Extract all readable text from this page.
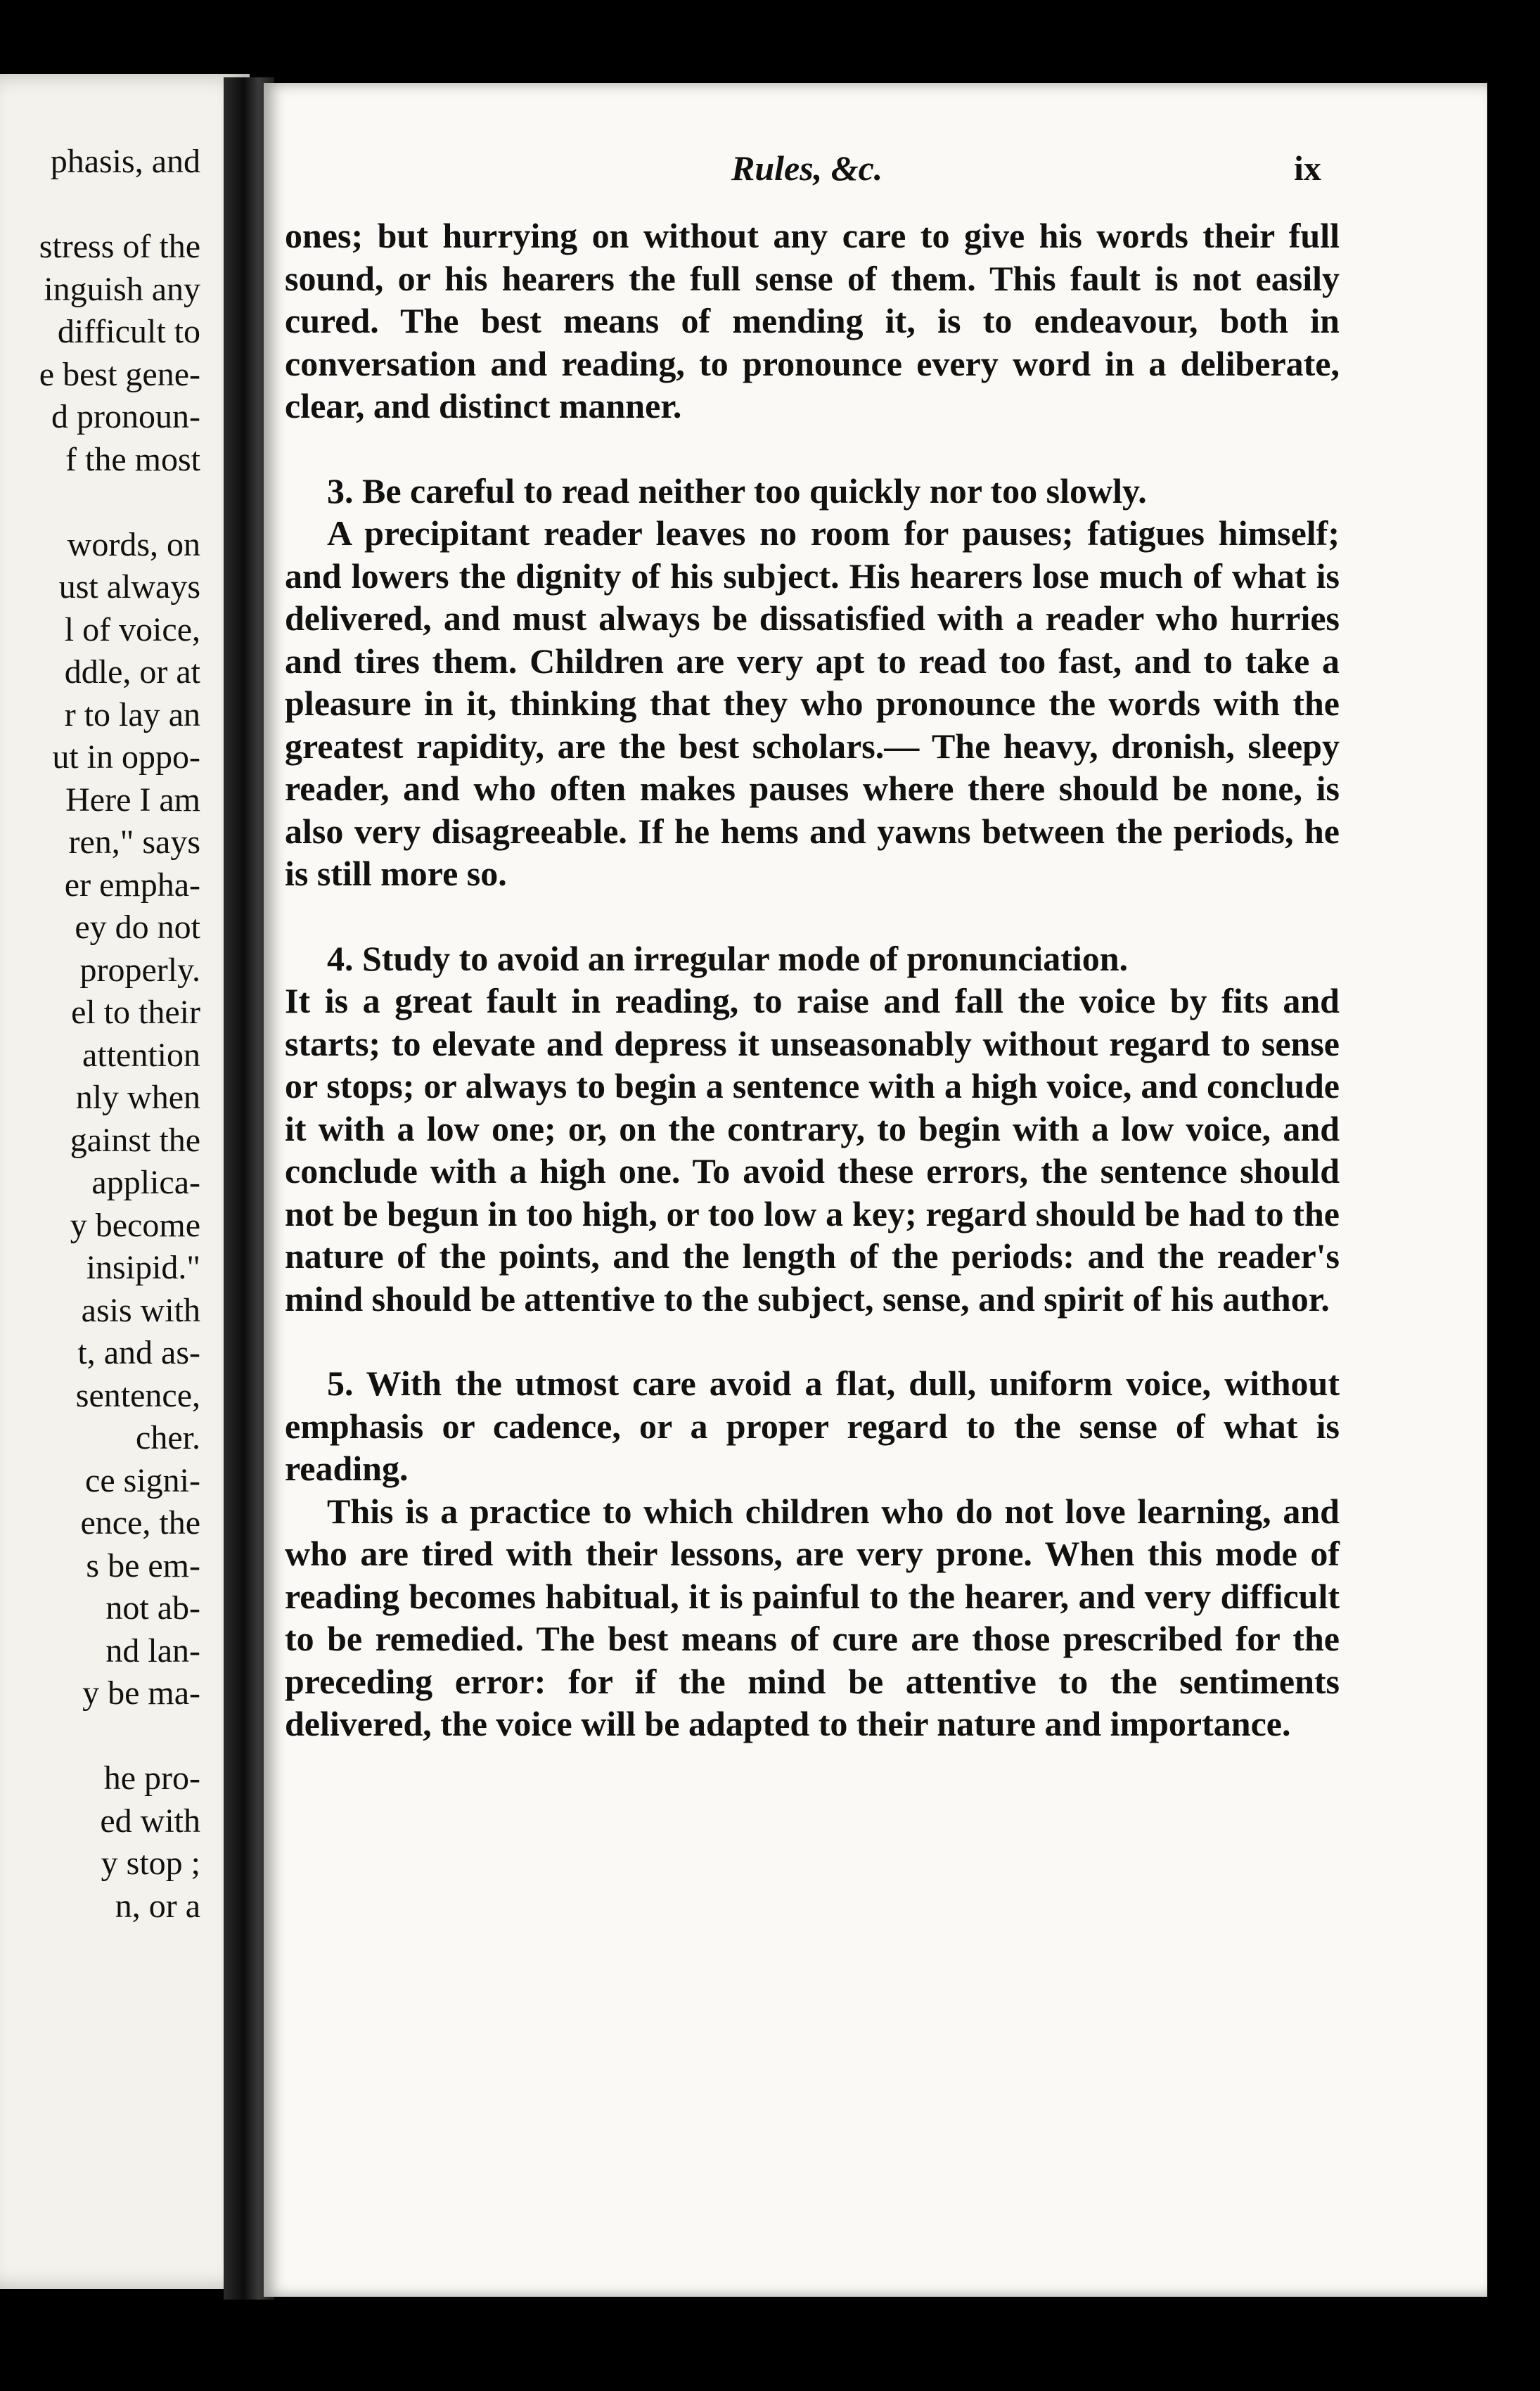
phasis, and
stress of the
inguish any
difficult to
e best gene-
d pronoun-
f the most
words, on
ust always
l of voice,
ddle, or at
r to lay an
ut in oppo-
Here I am
ren," says
er empha-
ey do not
properly.
el to their
attention
nly when
gainst the
applica-
y become
insipid."
asis with
t, and as-
sentence,
cher.
ce signi-
ence, the
s be em-
not ab-
nd lan-
y be ma-
he pro-
ed with
y stop ;
n, or a
Rules, &c.	ix

ones; but hurrying on without any care to give his words their full sound, or his hearers the full sense of them. This fault is not easily cured. The best means of mending it, is to endeavour, both in conversation and reading, to pronounce every word in a deliberate, clear, and distinct manner.

3. Be careful to read neither too quickly nor too slowly.

A precipitant reader leaves no room for pauses; fatigues himself; and lowers the dignity of his subject. His hearers lose much of what is delivered, and must always be dissatisfied with a reader who hurries and tires them. Children are very apt to read too fast, and to take a pleasure in it, thinking that they who pronounce the words with the greatest rapidity, are the best scholars.— The heavy, dronish, sleepy reader, and who often makes pauses where there should be none, is also very disagreeable. If he hems and yawns between the periods, he is still more so.

4. Study to avoid an irregular mode of pronunciation.

It is a great fault in reading, to raise and fall the voice by fits and starts; to elevate and depress it unseasonably without regard to sense or stops; or always to begin a sentence with a high voice, and conclude it with a low one; or, on the contrary, to begin with a low voice, and conclude with a high one. To avoid these errors, the sentence should not be begun in too high, or too low a key; regard should be had to the nature of the points, and the length of the periods: and the reader's mind should be attentive to the subject, sense, and spirit of his author.

5. With the utmost care avoid a flat, dull, uniform voice, without emphasis or cadence, or a proper regard to the sense of what is reading.

This is a practice to which children who do not love learning, and who are tired with their lessons, are very prone. When this mode of reading becomes habitual, it is painful to the hearer, and very difficult to be remedied. The best means of cure are those prescribed for the preceding error: for if the mind be attentive to the sentiments delivered, the voice will be adapted to their nature and importance.
